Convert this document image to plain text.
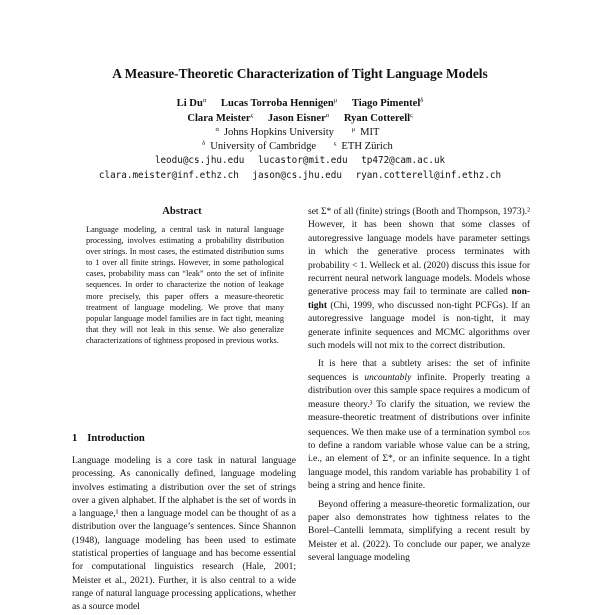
A Measure-Theoretic Characterization of Tight Language Models
Li $Du^\alpha$ Lucas Torroba Hennigen$^\mu$ Tiago Pimentel$^\delta$
Clara Meister$^\varsigma$ Jason Eisner$^\alpha$ Ryan Cotterell$^\varsigma$
$^\alpha$ Johns Hopkins University	$^\mu$ MIT
$^\delta$ University of Cambridge	$^\varsigma$ ETH Zürich
leodu@cs.jhu.edu lucastor@mit.edu tp472@cam.ac.uk
clara.meister@inf.ethz.ch jason@cs.jhu.edu ryan.cotterell@inf.ethz.ch
Abstract
Language modeling, a central task in natural language processing, involves estimating a probability distribution over strings. In most cases, the estimated distribution sums to 1 over all finite strings. However, in some pathological cases, probability mass can “leak” onto the set of infinite sequences. In order to characterize the notion of leakage more precisely, this paper offers a measure-theoretic treatment of language modeling. We prove that many popular language model families are in fact tight, meaning that they will not leak in this sense. We also generalize characterizations of tightness proposed in previous works.
1 Introduction
Language modeling is a core task in natural language processing. As canonically defined, language modeling involves estimating a distribution over the set of strings over a given alphabet. If the alphabet is the set of words in a language,¹ then a language model can be thought of as a distribution over the language’s sentences. Since Shannon (1948), language modeling has been used to estimate statistical properties of language and has become essential for computational linguistics research (Hale, 2001; Meister et al., 2021). Further, it is also central to a wide range of natural language processing applications, whether as a source model

set Σ* of all (finite) strings (Booth and Thompson, 1973).² However, it has been shown that some classes of autoregressive language models have parameter settings in which the generative process terminates with probability < 1. Welleck et al. (2020) discuss this issue for recurrent neural network language models. Models whose generative process may fail to terminate are called non-tight (Chi, 1999, who discussed non-tight PCFGs). If an autoregressive language model is non-tight, it may generate infinite sequences and MCMC algorithms over such models will not mix to the correct distribution.

It is here that a subtlety arises: the set of infinite sequences is uncountably infinite. Properly treating a distribution over this sample space requires a modicum of measure theory.³ To clarify the situation, we review the measure-theoretic treatment of distributions over infinite sequences. We then make use of a termination symbol eos to define a random variable whose value can be a string, i.e., an element of Σ*, or an infinite sequence. In a tight language model, this random variable has probability 1 of being a string and hence finite.

Beyond offering a measure-theoretic formalization, our paper also demonstrates how tightness relates to the Borel–Cantelli lemmata, simplifying a recent result by Meister et al. (2022). To conclude our paper, we analyze several language modeling
